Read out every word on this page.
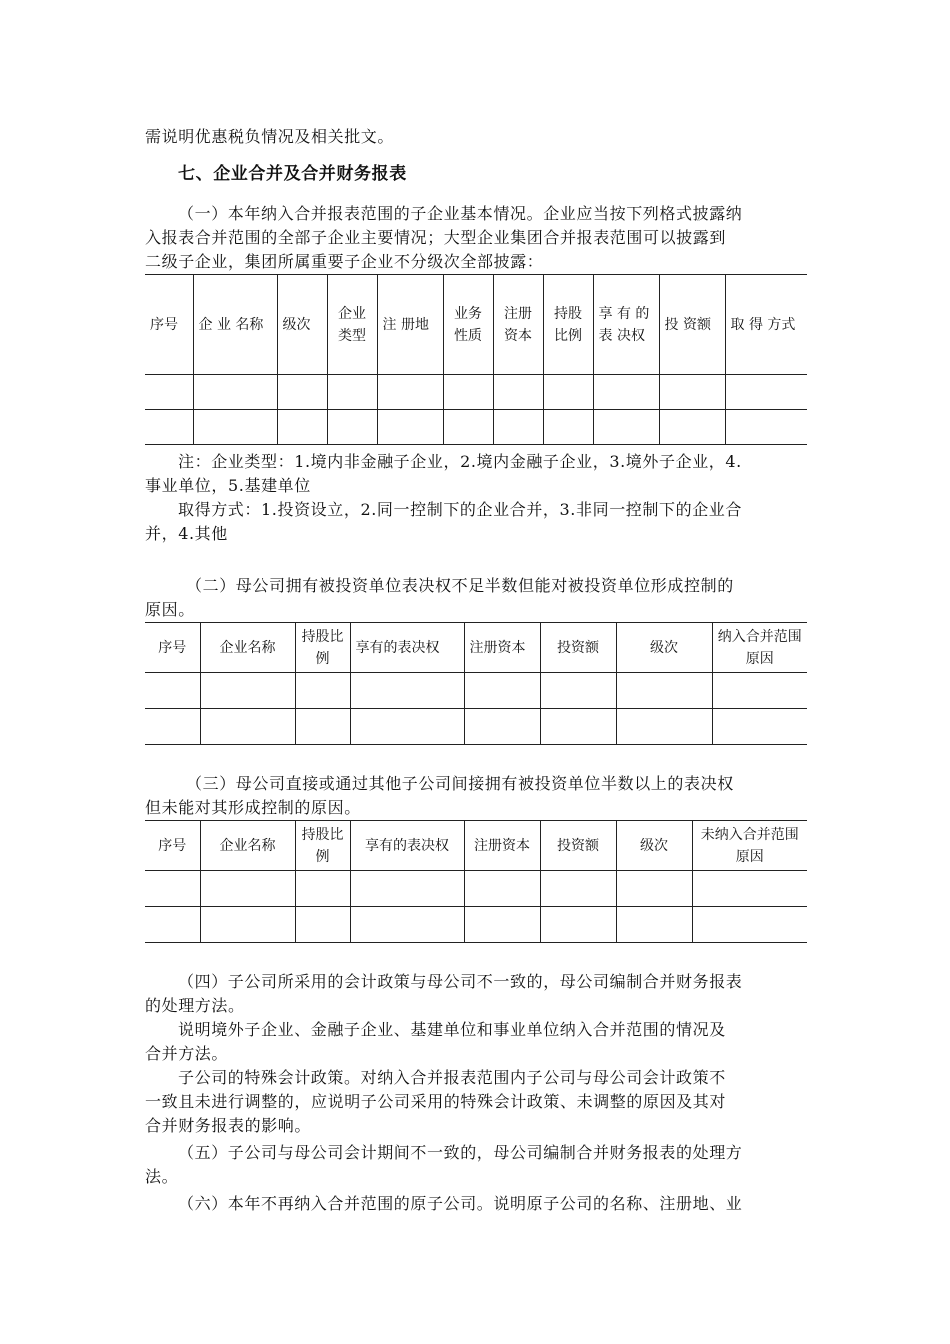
需说明优惠税负情况及相关批文。
七、企业合并及合并财务报表
（一）本年纳入合并报表范围的子企业基本情况。企业应当按下列格式披露纳
入报表合并范围的全部子企业主要情况；大型企业集团合并报表范围可以披露到
二级子企业，集团所属重要子企业不分级次全部披露：
序号	企 业 名称	级次	企业类型	注 册地	业务性质	注册资本	持股比例	享 有 的表 决权	投 资额	取 得 方式

注：企业类型：1.境内非金融子企业，2.境内金融子企业，3.境外子企业，4.
事业单位，5.基建单位
取得方式：1.投资设立，2.同一控制下的企业合并，3.非同一控制下的企业合
并，4.其他
（二）母公司拥有被投资单位表决权不足半数但能对被投资单位形成控制的
原因。
序号	企业名称	持股比例	享有的表决权	注册资本	投资额	级次	纳入合并范围原因

（三）母公司直接或通过其他子公司间接拥有被投资单位半数以上的表决权
但未能对其形成控制的原因。
序号	企业名称	持股比例	享有的表决权	注册资本	投资额	级次	未纳入合并范围原因

（四）子公司所采用的会计政策与母公司不一致的，母公司编制合并财务报表
的处理方法。
说明境外子企业、金融子企业、基建单位和事业单位纳入合并范围的情况及
合并方法。
子公司的特殊会计政策。对纳入合并报表范围内子公司与母公司会计政策不
一致且未进行调整的，应说明子公司采用的特殊会计政策、未调整的原因及其对
合并财务报表的影响。
（五）子公司与母公司会计期间不一致的，母公司编制合并财务报表的处理方
法。
（六）本年不再纳入合并范围的原子公司。说明原子公司的名称、注册地、业
